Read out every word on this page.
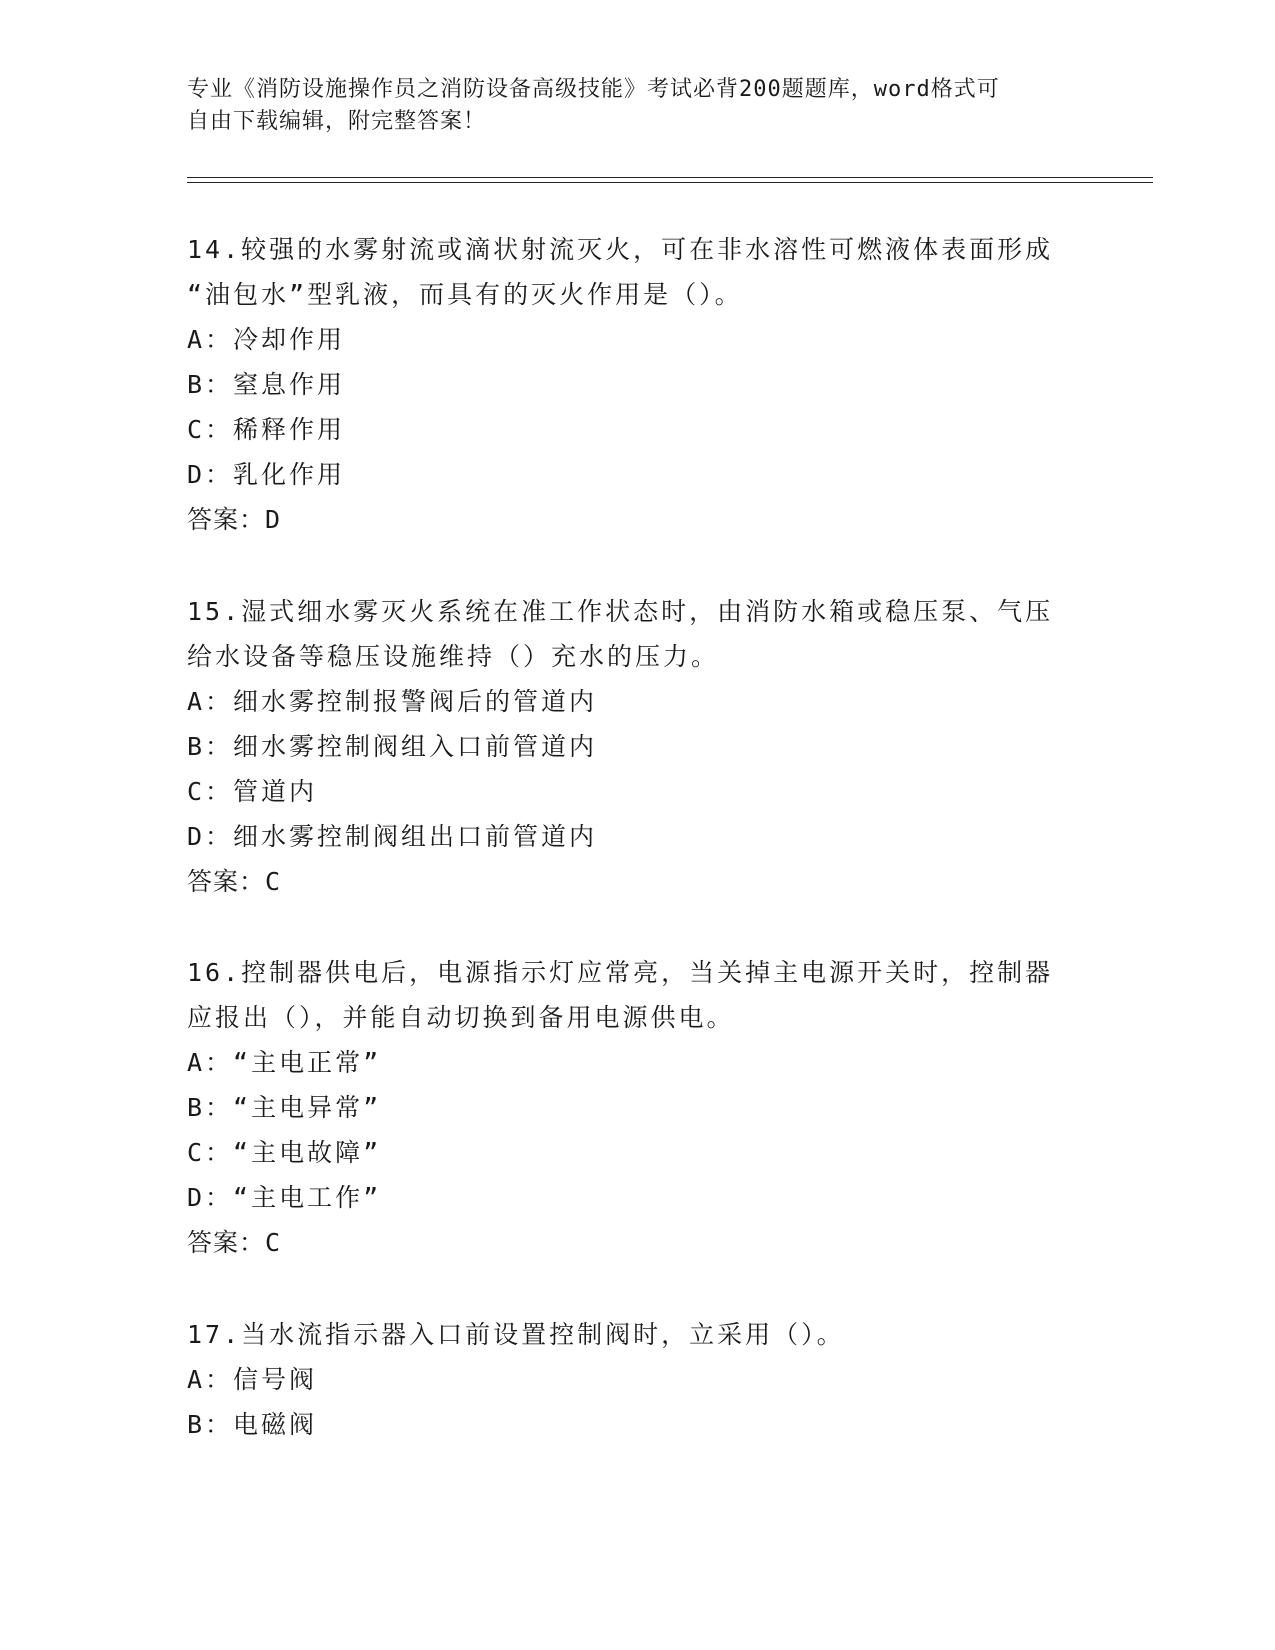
专业《消防设施操作员之消防设备高级技能》考试必背200题题库，word格式可
自由下载编辑，附完整答案！
14.较强的水雾射流或滴状射流灭火，可在非水溶性可燃液体表面形成
“油包水”型乳液，而具有的灭火作用是（）。
A：冷却作用
B：窒息作用
C：稀释作用
D：乳化作用
答案：D
15.湿式细水雾灭火系统在准工作状态时，由消防水箱或稳压泵、气压
给水设备等稳压设施维持（）充水的压力。
A：细水雾控制报警阀后的管道内
B：细水雾控制阀组入口前管道内
C：管道内
D：细水雾控制阀组出口前管道内
答案：C
16.控制器供电后，电源指示灯应常亮，当关掉主电源开关时，控制器
应报出（），并能自动切换到备用电源供电。
A：“主电正常”
B：“主电异常”
C：“主电故障”
D：“主电工作”
答案：C
17.当水流指示器入口前设置控制阀时，立采用（）。
A：信号阀
B：电磁阀
